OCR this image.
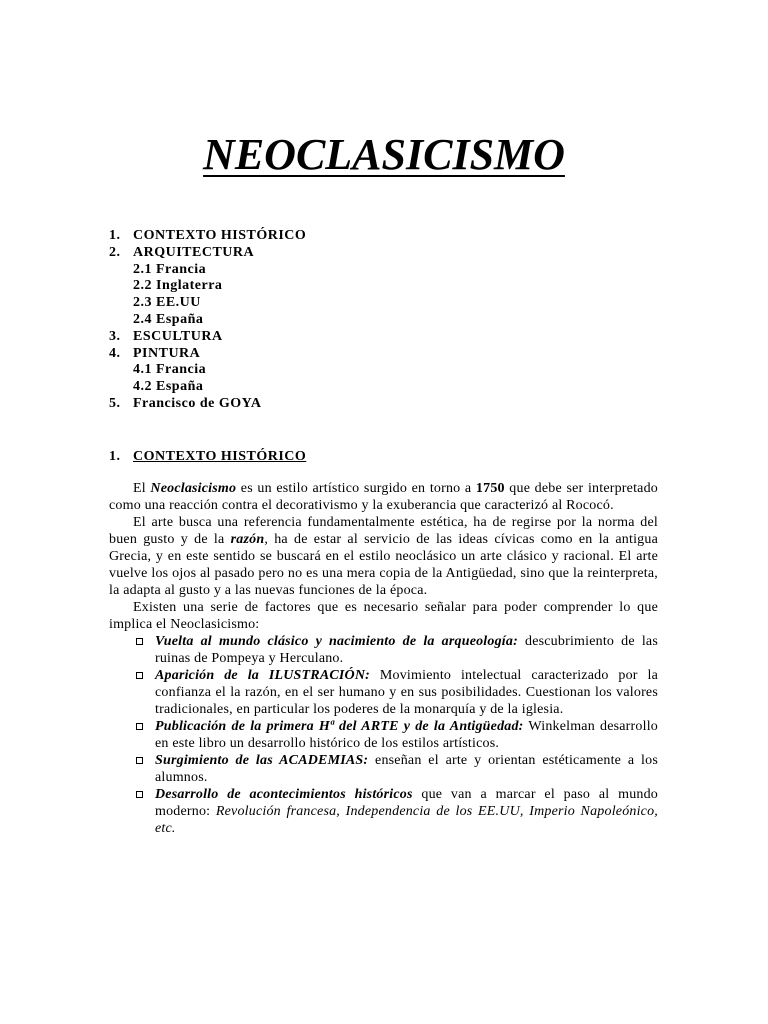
NEOCLASICISMO
1. CONTEXTO HISTÓRICO
2. ARQUITECTURA
2.1 Francia
2.2 Inglaterra
2.3 EE.UU
2.4 España
3. ESCULTURA
4. PINTURA
4.1 Francia
4.2 España
5. Francisco de GOYA
1. CONTEXTO HISTÓRICO

El Neoclasicismo es un estilo artístico surgido en torno a 1750 que debe ser interpretado como una reacción contra el decorativismo y la exuberancia que caracterizó al Rococó.

El arte busca una referencia fundamentalmente estética, ha de regirse por la norma del buen gusto y de la razón, ha de estar al servicio de las ideas cívicas como en la antigua Grecia, y en este sentido se buscará en el estilo neoclásico un arte clásico y racional. El arte vuelve los ojos al pasado pero no es una mera copia de la Antigüedad, sino que la reinterpreta, la adapta al gusto y a las nuevas funciones de la época.

Existen una serie de factores que es necesario señalar para poder comprender lo que implica el Neoclasicismo:

Vuelta al mundo clásico y nacimiento de la arqueología: descubrimiento de las ruinas de Pompeya y Herculano.
Aparición de la ILUSTRACIÓN: Movimiento intelectual caracterizado por la confianza el la razón, en el ser humano y en sus posibilidades. Cuestionan los valores tradicionales, en particular los poderes de la monarquía y de la iglesia.
Publicación de la primera Hª del ARTE y de la Antigüedad: Winkelman desarrollo en este libro un desarrollo histórico de los estilos artísticos.
Surgimiento de las ACADEMIAS: enseñan el arte y orientan estéticamente a los alumnos.
Desarrollo de acontecimientos históricos que van a marcar el paso al mundo moderno: Revolución francesa, Independencia de los EE.UU, Imperio Napoleónico, etc.
